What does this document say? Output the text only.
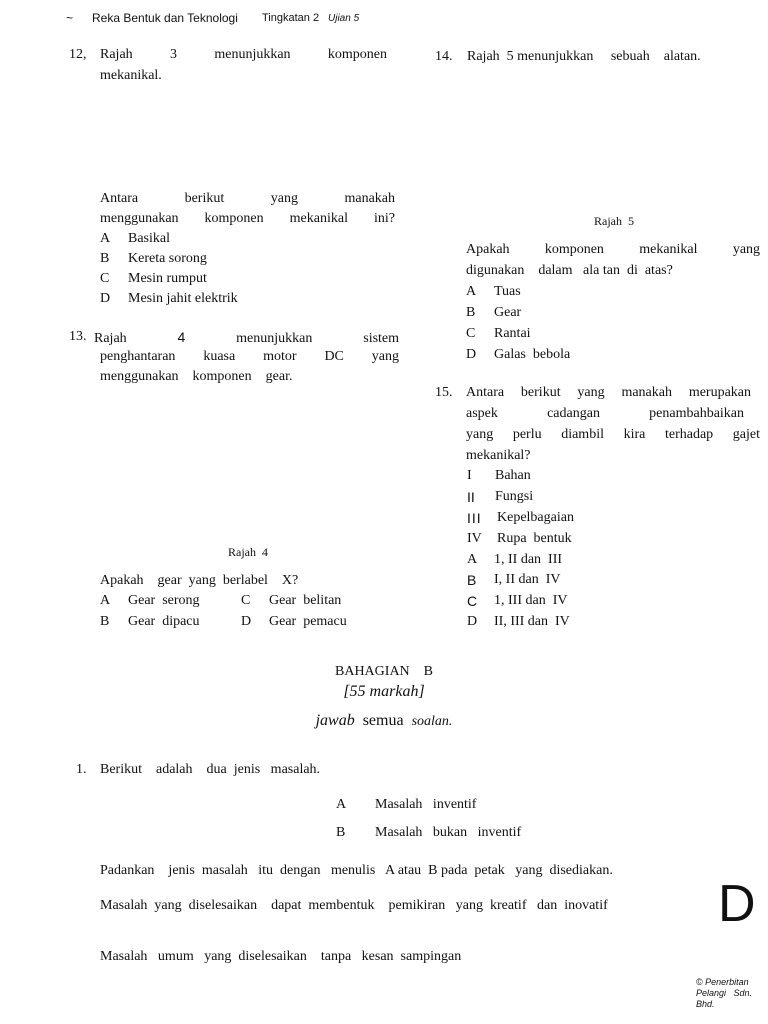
~ Reka Bentuk dan Teknologi Tingkatan 2 Ujian 5
12, Rajah	3	menunjukkan	komponen
mekanikal.
Antara	berikut	yang	manakah
menggunakan komponen mekanikal ini?
A Basikal
B Kereta sorong
C Mesin rumput
D Mesin jahit elektrik
13. Rajah	4	menunjukkan	sistem
penghantaran kuasa motor DC yang
menggunakan    komponen    gear.
Rajah  4
Apakah    gear  yang  berlabel    X?
A Gear  serong	C Gear  belitan
B Gear  dipacu	D Gear  pemacu
14. Rajah  5 menunjukkan     sebuah    alatan.
Rajah  5
Apakah	komponen	mekanikal	yang
digunakan    dalam   ala tan  di  atas?
A Tuas
B Gear
C Rantai
D Galas  bebola
15. Antara berikut yang manakah merupakan
aspek	cadangan	penambahbaikan
yang perlu diambil kira terhadap gajet
mekanikal?
I Bahan
II Fungsi
III Kepelbagaian
IV Rupa  bentuk
A 1, II dan  III
B I, II dan  IV
C 1, III dan  IV
D II, III dan  IV
BAHAGIAN    B
[55 markah]
jawab semua soalan.
1. Berikut    adalah    dua  jenis   masalah.
A Masalah   inventif
B Masalah   bukan   inventif
Padankan    jenis  masalah   itu  dengan   menulis   A atau  B pada  petak   yang  disediakan.
Masalah  yang  diselesaikan    dapat  membentuk    pemikiran   yang  kreatif   dan  inovatif D
Masalah   umum   yang  diselesaikan    tanpa   kesan  sampingan
© Penerbitan
Pelangi   Sdn.
Bhd.
